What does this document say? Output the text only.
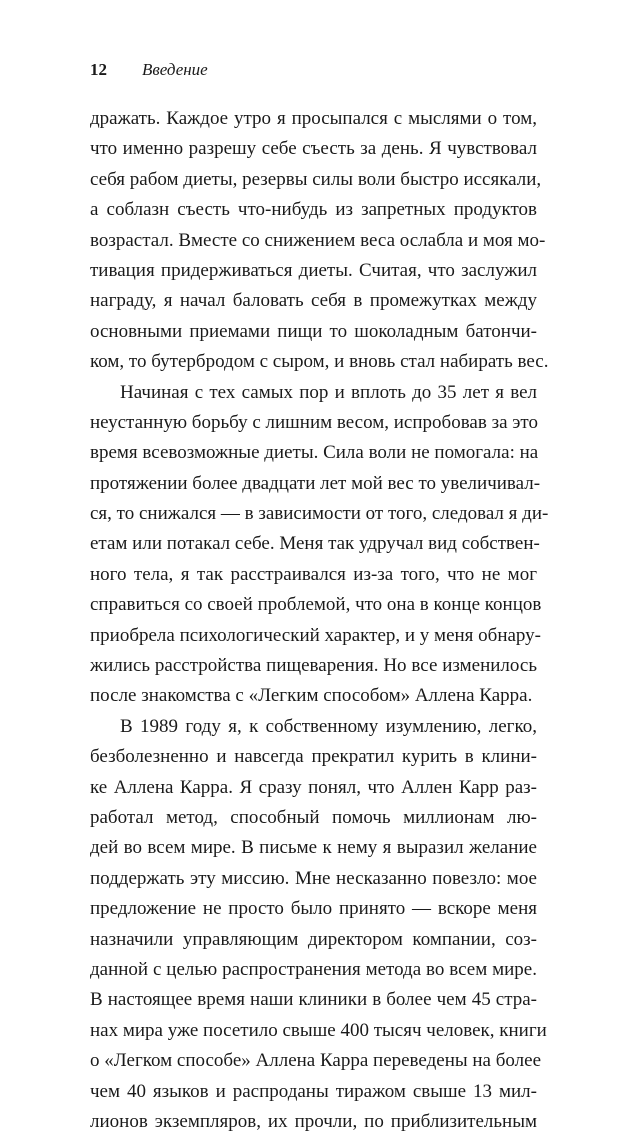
12	Введение
дражать. Каждое утро я просыпался с мыслями о том,
что именно разрешу себе съесть за день. Я чувствовал
себя рабом диеты, резервы силы воли быстро иссякали,
а соблазн съесть что-нибудь из запретных продуктов
возрастал. Вместе со снижением веса ослабла и моя мо-
тивация придерживаться диеты. Считая, что заслужил
награду, я начал баловать себя в промежутках между
основными приемами пищи то шоколадным батончи-
ком, то бутербродом с сыром, и вновь стал набирать вес.
Начиная с тех самых пор и вплоть до 35 лет я вел
неустанную борьбу с лишним весом, испробовав за это
время всевозможные диеты. Сила воли не помогала: на
протяжении более двадцати лет мой вес то увеличивал-
ся, то снижался — в зависимости от того, следовал я ди-
етам или потакал себе. Меня так удручал вид собствен-
ного тела, я так расстраивался из-за того, что не мог
справиться со своей проблемой, что она в конце концов
приобрела психологический характер, и у меня обнару-
жились расстройства пищеварения. Но все изменилось
после знакомства с «Легким способом» Аллена Карра.
В 1989 году я, к собственному изумлению, легко,
безболезненно и навсегда прекратил курить в клини-
ке Аллена Карра. Я сразу понял, что Аллен Карр раз-
работал метод, способный помочь миллионам лю-
дей во всем мире. В письме к нему я выразил желание
поддержать эту миссию. Мне несказанно повезло: мое
предложение не просто было принято — вскоре меня
назначили управляющим директором компании, соз-
данной с целью распространения метода во всем мире.
В настоящее время наши клиники в более чем 45 стра-
нах мира уже посетило свыше 400 тысяч человек, книги
о «Легком способе» Аллена Карра переведены на более
чем 40 языков и распроданы тиражом свыше 13 мил-
лионов экземпляров, их прочли, по приблизительным
